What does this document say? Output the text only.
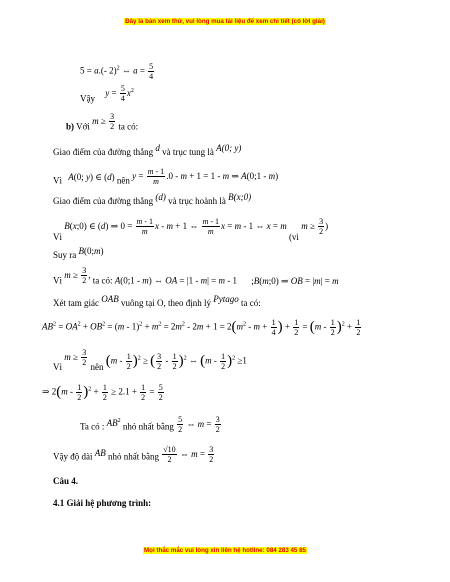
Đây là bản xem thử, vui lòng mua tài liệu để xem chi tiết (có lời giải)
5 = a.(- 2)$^2$ ⇔ $a = \frac{5}{4}$
Vậy $y = \frac{5}{4} x^2$
b) Với $m \ge \frac{3}{2}$ ta có:
Giao điểm của đường thẳng d và trục tung là A(0; y)
Vì A(0; y) ∈ (d) nên $y = \frac{m - 1}{m} .0 - m + 1 = 1 - m$ ⇒ A(0;1 - m)
Giao điểm của đường thẳng (d) và trục hoành là B(x;0)
Vì B(x;0) ∈ (d) ⇒ $0 = \frac{m - 1}{m}$ x - m + 1 ⇔ $\frac{m - 1}{m}$ x = m - 1 ⇔ x = m (vì $m \ge \frac{3}{2}$ )
Suy ra B(0;m)
Vì $m \ge \frac{3}{2}$ , ta có: A(0;1 - m) ⇔ OA = |1 - m| = m - 1 ;B(m;0) ⇒ OB = |m| = m
Xét tam giác OAB vuông tại O, theo định lý Pytago ta có:
$AB^2 = OA^2 + OB^2 = (m - 1)^2 + m^2 = 2m^2 - 2m + 1 = 2(m^2 - m + \frac{1}{4}$ ) + $\frac{1}{2} = (m - \frac{1}{2} )^2 + \frac{1}{2}$
Vì $m \ge \frac{3}{2}$ nên $(m - \frac{1}{2} )^2$ ≥ ( $\frac{3}{2} - \frac{1}{2} )^2$ ⇔ $(m - \frac{1}{2} )^2 \ge 1$
⇒ $2(m - \frac{1}{2} )^2 + \frac{1}{2} \ge 2.1 + \frac{1}{2} = \frac{5}{2}$
Ta có : $AB^2$ nhỏ nhất bằng $\frac{5}{2}$ ⇔ $m = \frac{3}{2}$
Vậy độ dài AB nhỏ nhất bằng $\frac{√10}{2}$ ⇔ $m = \frac{3}{2}$
Câu 4.
4.1 Giải hệ phương trình:
Mọi thắc mắc vui lòng xin liên hệ hotline: 084 283 45 85
